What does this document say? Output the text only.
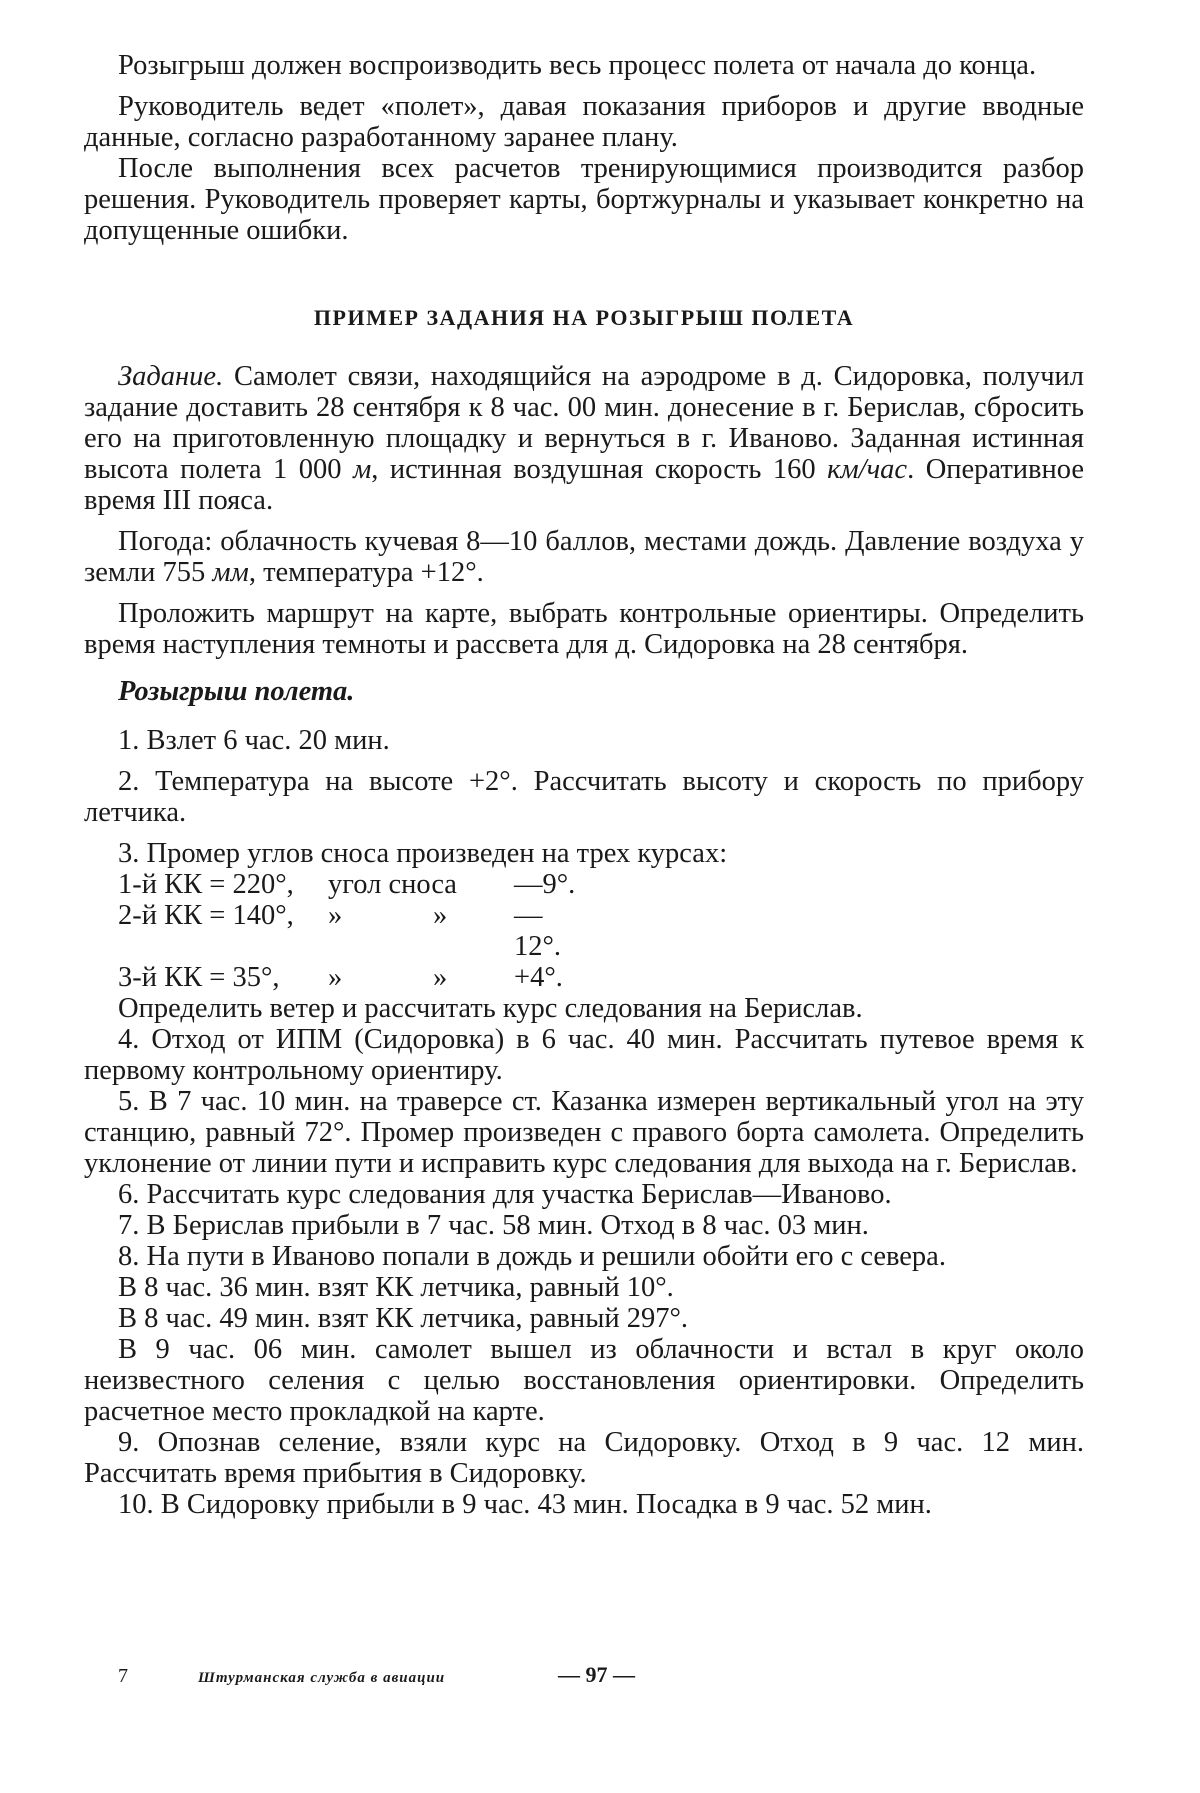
Розыгрыш должен воспроизводить весь процесс полета от начала до конца.

Руководитель ведет «полет», давая показания приборов и другие вводные данные, согласно разработанному заранее плану.

После выполнения всех расчетов тренирующимися производится разбор решения. Руководитель проверяет карты, бортжурналы и указывает конкретно на допущенные ошибки.

ПРИМЕР ЗАДАНИЯ НА РОЗЫГРЫШ ПОЛЕТА

Задание. Самолет связи, находящийся на аэродроме в д. Сидоровка, получил задание доставить 28 сентября к 8 час. 00 мин. донесение в г. Берислав, сбросить его на приготовленную площадку и вернуться в г. Иваново. Заданная истинная высота полета 1 000 м, истинная воздушная скорость 160 км/час. Оперативное время III пояса.

Погода: облачность кучевая 8—10 баллов, местами дождь. Давление воздуха у земли 755 мм, температура +12°.

Проложить маршрут на карте, выбрать контрольные ориентиры. Определить время наступления темноты и рассвета для д. Сидоровка на 28 сентября.

Розыгрыш полета.

1. Взлет 6 час. 20 мин.

2. Температура на высоте +2°. Рассчитать высоту и скорость по прибору летчика.

3. Промер углов сноса произведен на трех курсах:

1-й КК = 220°,	угол сноса	—9°.
2-й КК = 140°,	»	»	—12°.
3-й КК = 35°,	»	»	+4°.

Определить ветер и рассчитать курс следования на Берислав.

4. Отход от ИПМ (Сидоровка) в 6 час. 40 мин. Рассчитать путевое время к первому контрольному ориентиру.

5. В 7 час. 10 мин. на траверсе ст. Казанка измерен вертикальный угол на эту станцию, равный 72°. Промер произведен с правого борта самолета. Определить уклонение от линии пути и исправить курс следования для выхода на г. Берислав.

6. Рассчитать курс следования для участка Берислав—Иваново.

7. В Берислав прибыли в 7 час. 58 мин. Отход в 8 час. 03 мин.

8. На пути в Иваново попали в дождь и решили обойти его с севера.

В 8 час. 36 мин. взят КК летчика, равный 10°.

В 8 час. 49 мин. взят КК летчика, равный 297°.

В 9 час. 06 мин. самолет вышел из облачности и встал в круг около неизвестного селения с целью восстановления ориентировки. Определить расчетное место прокладкой на карте.

9. Опознав селение, взяли курс на Сидоровку. Отход в 9 час. 12 мин. Рассчитать время прибытия в Сидоровку.

10. В Сидоровку прибыли в 9 час. 43 мин. Посадка в 9 час. 52 мин.

7	Штурманская служба в авиации	— 97 —
